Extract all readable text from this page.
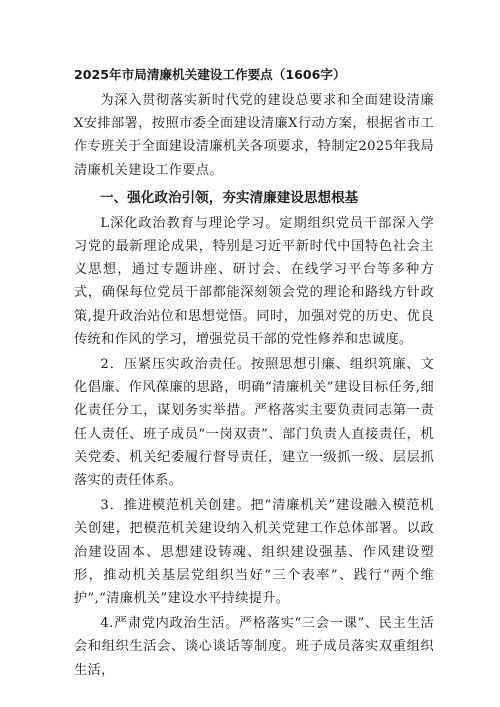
2025年市局清廉机关建设工作要点（1606字）

为深入贯彻落实新时代党的建设总要求和全面建设清廉X安排部署，按照市委全面建设清廉X行动方案，根据省市工作专班关于全面建设清廉机关各项要求，特制定2025年我局清廉机关建设工作要点。

一、强化政治引领，夯实清廉建设思想根基

L深化政治教育与理论学习。定期组织党员干部深入学习党的最新理论成果，特别是习近平新时代中国特色社会主义思想，通过专题讲座、研讨会、在线学习平台等多种方式，确保每位党员干部都能深刻领会党的理论和路线方针政策,提升政治站位和思想觉悟。同时，加强对党的历史、优良传统和作风的学习，增强党员干部的党性修养和忠诚度。

2．压紧压实政治责任。按照思想引廉、组织筑廉、文化倡廉、作风葆廉的思路，明确“清廉机关”建设目标任务,细化责任分工，谋划务实举措。严格落实主要负责同志第一责任人责任、班子成员“一岗双责”、部门负责人直接责任，机关党委、机关纪委履行督导责任，建立一级抓一级、层层抓落实的责任体系。

3．推进模范机关创建。把“清廉机关”建设融入模范机关创建，把模范机关建设纳入机关党建工作总体部署。以政治建设固本、思想建设铸魂、组织建设强基、作风建设塑形，推动机关基层党组织当好“三个表率”、践行“两个维护”,“清廉机关”建设水平持续提升。

4.严肃党内政治生活。严格落实“三会一课”、民主生活会和组织生活会、谈心谈话等制度。班子成员落实双重组织生活，
